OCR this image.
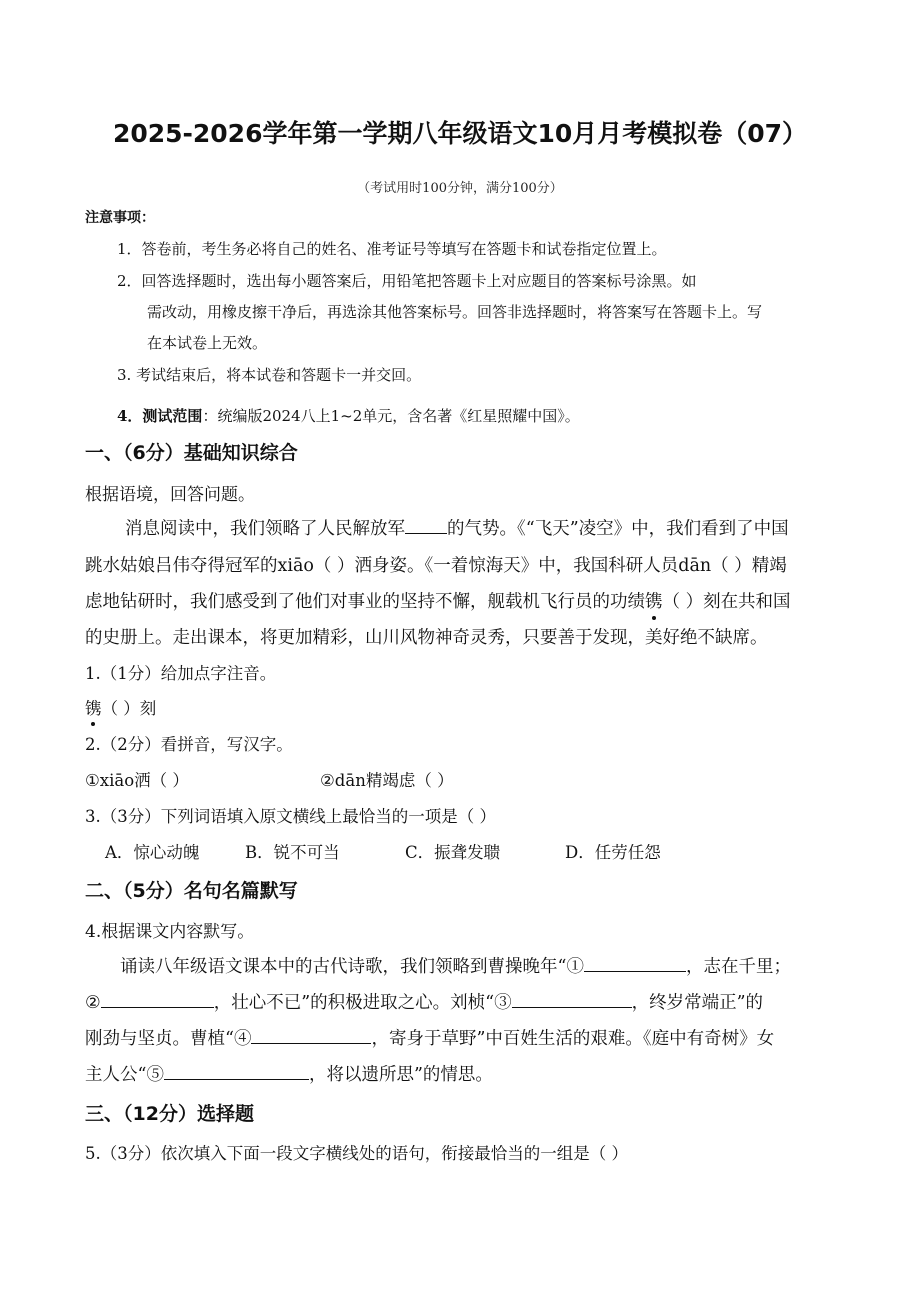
2025-2026学年第一学期八年级语文10月月考模拟卷（07）
（考试用时100分钟，满分100分）
注意事项：
1．答卷前，考生务必将自己的姓名、准考证号等填写在答题卡和试卷指定位置上。
2．回答选择题时，选出每小题答案后，用铅笔把答题卡上对应题目的答案标号涂黑。如
需改动，用橡皮擦干净后，再选涂其他答案标号。回答非选择题时，将答案写在答题卡上。写
在本试卷上无效。
3. 考试结束后，将本试卷和答题卡一并交回。
4．测试范围：统编版2024八上1~2单元，含名著《红星照耀中国》。
一、（6分）基础知识综合
根据语境，回答问题。
消息阅读中，我们领略了人民解放军 的气势。《“飞天”凌空》中，我们看到了中国
跳水姑娘吕伟夺得冠军的xiāo（ ）洒身姿。《一着惊海天》中，我国科研人员dān（ ）精竭
虑地钻研时，我们感受到了他们对事业的坚持不懈，舰载机飞行员的功绩镌（ ）刻在共和国
的史册上。走出课本，将更加精彩，山川风物神奇灵秀，只要善于发现，美好绝不缺席。
1.（1分）给加点字注音。
镌（ ）刻
2.（2分）看拼音，写汉字。
①xiāo洒（ ）	②dān精竭虑（ ）
3.（3分）下列词语填入原文横线上最恰当的一项是（ ）
A．惊心动魄	B．锐不可当	C．振聋发聩	D．任劳任怨
二、（5分）名句名篇默写
4.根据课文内容默写。
诵读八年级语文课本中的古代诗歌，我们领略到曹操晚年“①	，志在千里；
②	，壮心不已”的积极进取之心。刘桢“③	，终岁常端正”的
刚劲与坚贞。曹植“④	，寄身于草野”中百姓生活的艰难。《庭中有奇树》女
主人公“⑤	，将以遗所思”的情思。
三、（12分）选择题
5.（3分）依次填入下面一段文字横线处的语句，衔接最恰当的一组是（ ）
